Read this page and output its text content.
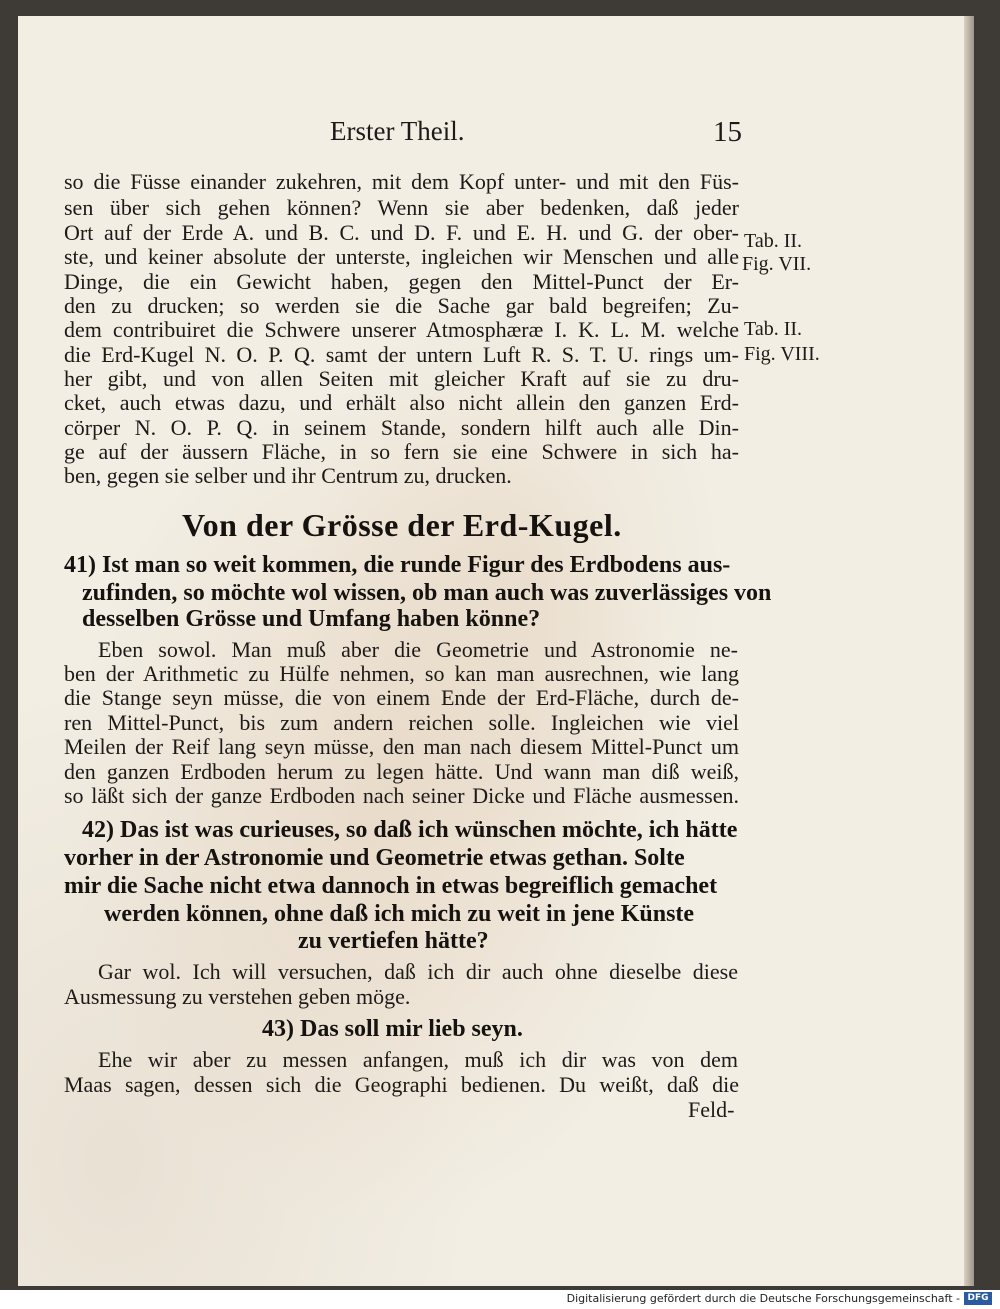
Erster Theil.	15
so die Füsse einander zukehren, mit dem Kopf unter- und mit den Füs-
sen über sich gehen können? Wenn sie aber bedenken, daß jeder
Ort auf der Erde A. und B. C. und D. F. und E. H. und G. der ober-
ste, und keiner absolute der unterste, ingleichen wir Menschen und alle
Dinge, die ein Gewicht haben, gegen den Mittel-Punct der Er-
den zu drucken; so werden sie die Sache gar bald begreifen; Zu-
dem contribuiret die Schwere unserer Atmosphæræ I. K. L. M. welche
die Erd-Kugel N. O. P. Q. samt der untern Luft R. S. T. U. rings um-
her gibt, und von allen Seiten mit gleicher Kraft auf sie zu dru-
cket, auch etwas dazu, und erhält also nicht allein den ganzen Erd-
cörper N. O. P. Q. in seinem Stande, sondern hilft auch alle Din-
ge auf der äussern Fläche, in so fern sie eine Schwere in sich ha-
ben, gegen sie selber und ihr Centrum zu, drucken.
Tab. II.
Fig. VII.
Tab. II.
Fig. VIII.
Von der Grösse der Erd-Kugel.
41) Ist man so weit kommen, die runde Figur des Erdbodens aus-
zufinden, so möchte wol wissen, ob man auch was zuverlässiges von
desselben Grösse und Umfang haben könne?
Eben sowol. Man muß aber die Geometrie und Astronomie ne-
ben der Arithmetic zu Hülfe nehmen, so kan man ausrechnen, wie lang
die Stange seyn müsse, die von einem Ende der Erd-Fläche, durch de-
ren Mittel-Punct, bis zum andern reichen solle. Ingleichen wie viel
Meilen der Reif lang seyn müsse, den man nach diesem Mittel-Punct um
den ganzen Erdboden herum zu legen hätte. Und wann man diß weiß,
so läßt sich der ganze Erdboden nach seiner Dicke und Fläche ausmessen.
42) Das ist was curieuses, so daß ich wünschen möchte, ich hätte
vorher in der Astronomie und Geometrie etwas gethan. Solte
mir die Sache nicht etwa dannoch in etwas begreiflich gemachet
werden können, ohne daß ich mich zu weit in jene Künste
zu vertiefen hätte?
Gar wol. Ich will versuchen, daß ich dir auch ohne dieselbe diese
Ausmessung zu verstehen geben möge.
43) Das soll mir lieb seyn.
Ehe wir aber zu messen anfangen, muß ich dir was von dem
Maas sagen, dessen sich die Geographi bedienen. Du weißt, daß die
Feld-
Digitalisierung gefördert durch die Deutsche Forschungsgemeinschaft - DFG
